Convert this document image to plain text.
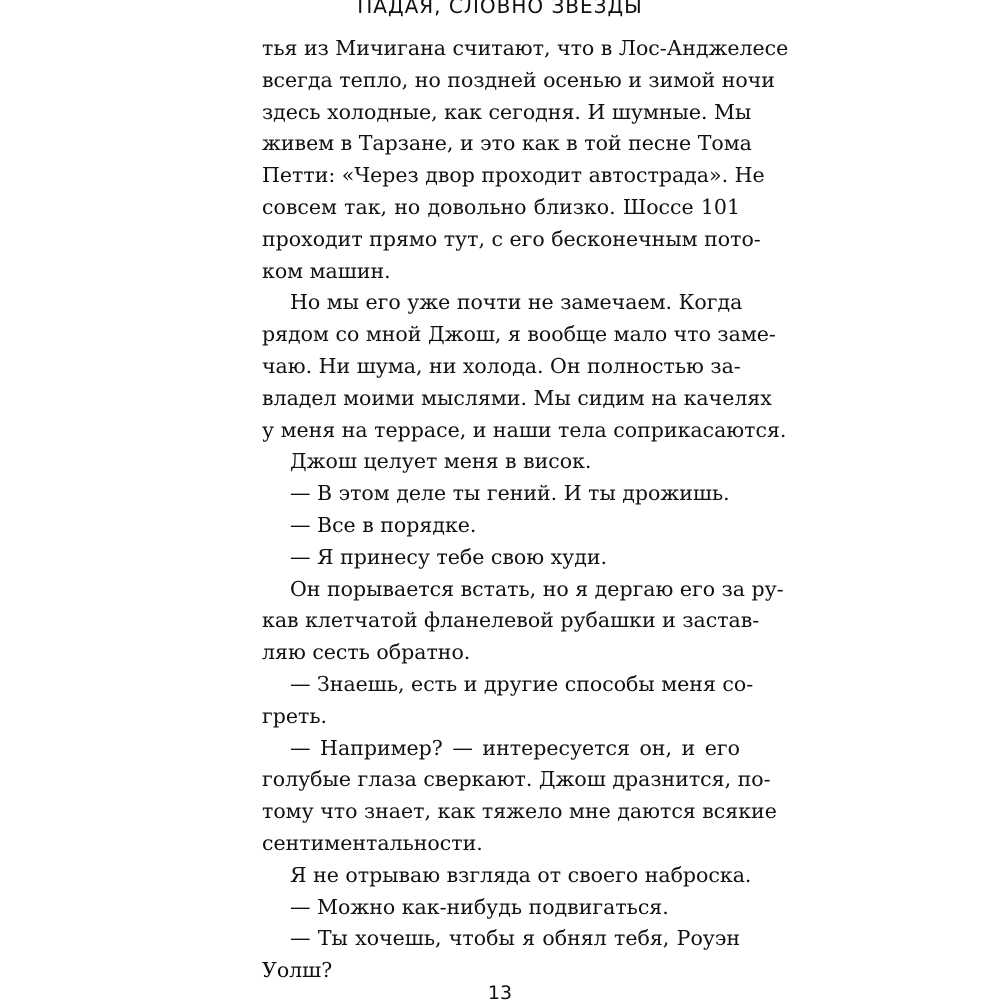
ПАДАЯ, СЛОВНО ЗВЕЗДЫ
тья из Мичигана считают, что в Лос-Анджелесе
всегда тепло, но поздней осенью и зимой ночи
здесь холодные, как сегодня. И шумные. Мы
живем в Тарзане, и это как в той песне Тома
Петти: «Через двор проходит автострада». Не
совсем так, но довольно близко. Шоссе 101
проходит прямо тут, с его бесконечным пото-
ком машин.
Но мы его уже почти не замечаем. Когда
рядом со мной Джош, я вообще мало что заме-
чаю. Ни шума, ни холода. Он полностью за-
владел моими мыслями. Мы сидим на качелях
у меня на террасе, и наши тела соприкасаются.
Джош целует меня в висок.
— В этом деле ты гений. И ты дрожишь.
— Все в порядке.
— Я принесу тебе свою худи.
Он порывается встать, но я дергаю его за ру-
кав клетчатой фланелевой рубашки и застав-
ляю сесть обратно.
— Знаешь, есть и другие способы меня со-
греть.
— Например? — интересуется он, и его
голубые глаза сверкают. Джош дразнится, по-
тому что знает, как тяжело мне даются всякие
сентиментальности.
Я не отрываю взгляда от своего наброска.
— Можно как-нибудь подвигаться.
— Ты хочешь, чтобы я обнял тебя, Роуэн
Уолш?
13
